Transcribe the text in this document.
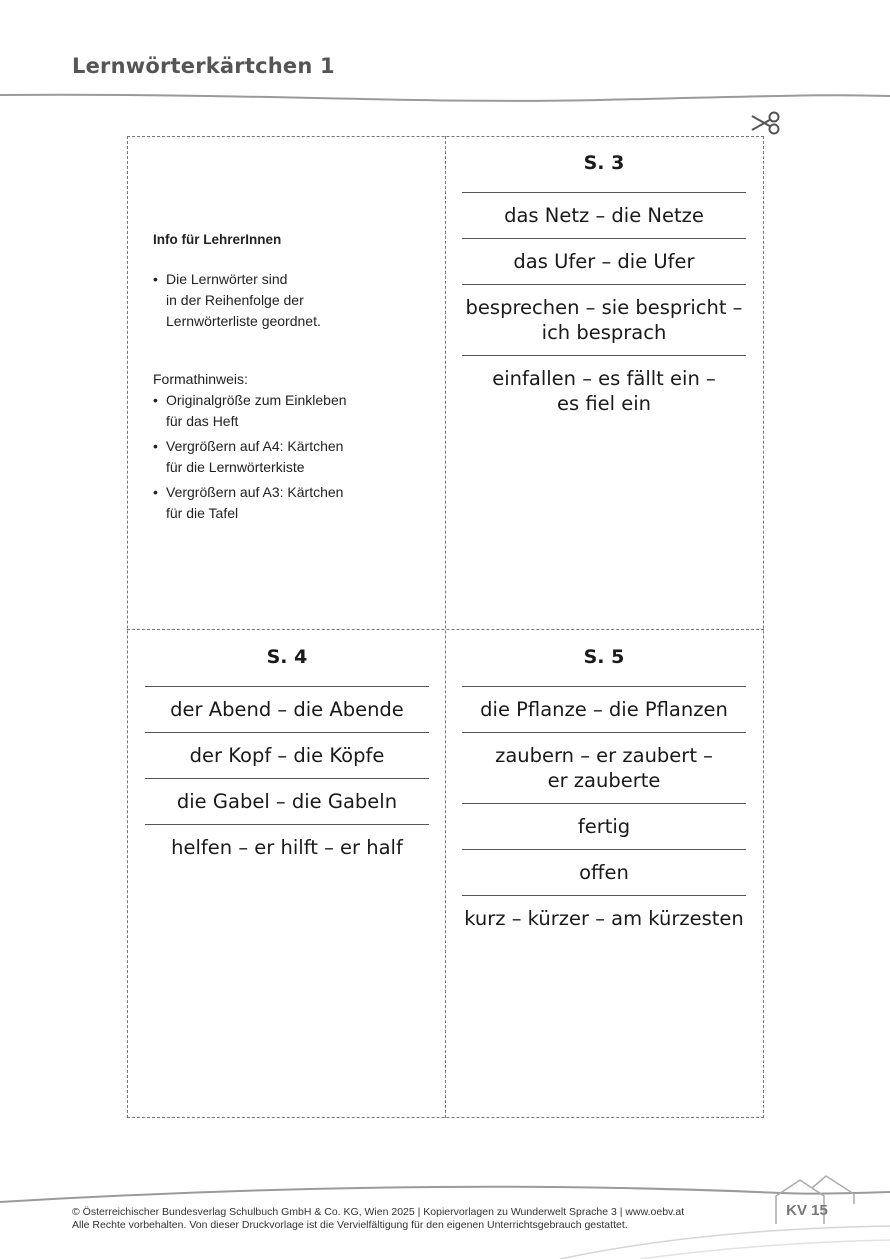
Lernwörterkärtchen 1
Info für LehrerInnen
• Die Lernwörter sind
in der Reihenfolge der
Lernwörterliste geordnet.
Formathinweis:
• Originalgröße zum Einkleben
für das Heft
• Vergrößern auf A4: Kärtchen
für die Lernwörterkiste
• Vergrößern auf A3: Kärtchen
für die Tafel
S. 3
das Netz – die Netze
das Ufer – die Ufer
besprechen – sie bespricht –
ich besprach
einfallen – es fällt ein –
es fiel ein
S. 4
der Abend – die Abende
der Kopf – die Köpfe
die Gabel – die Gabeln
helfen – er hilft – er half
S. 5
die Pflanze – die Pflanzen
zaubern – er zaubert –
er zauberte
fertig
offen
kurz – kürzer – am kürzesten
© Österreichischer Bundesverlag Schulbuch GmbH & Co. KG, Wien 2025 | Kopiervorlagen zu Wunderwelt Sprache 3 | www.oebv.at
Alle Rechte vorbehalten. Von dieser Druckvorlage ist die Vervielfältigung für den eigenen Unterrichtsgebrauch gestattet.
KV 15
